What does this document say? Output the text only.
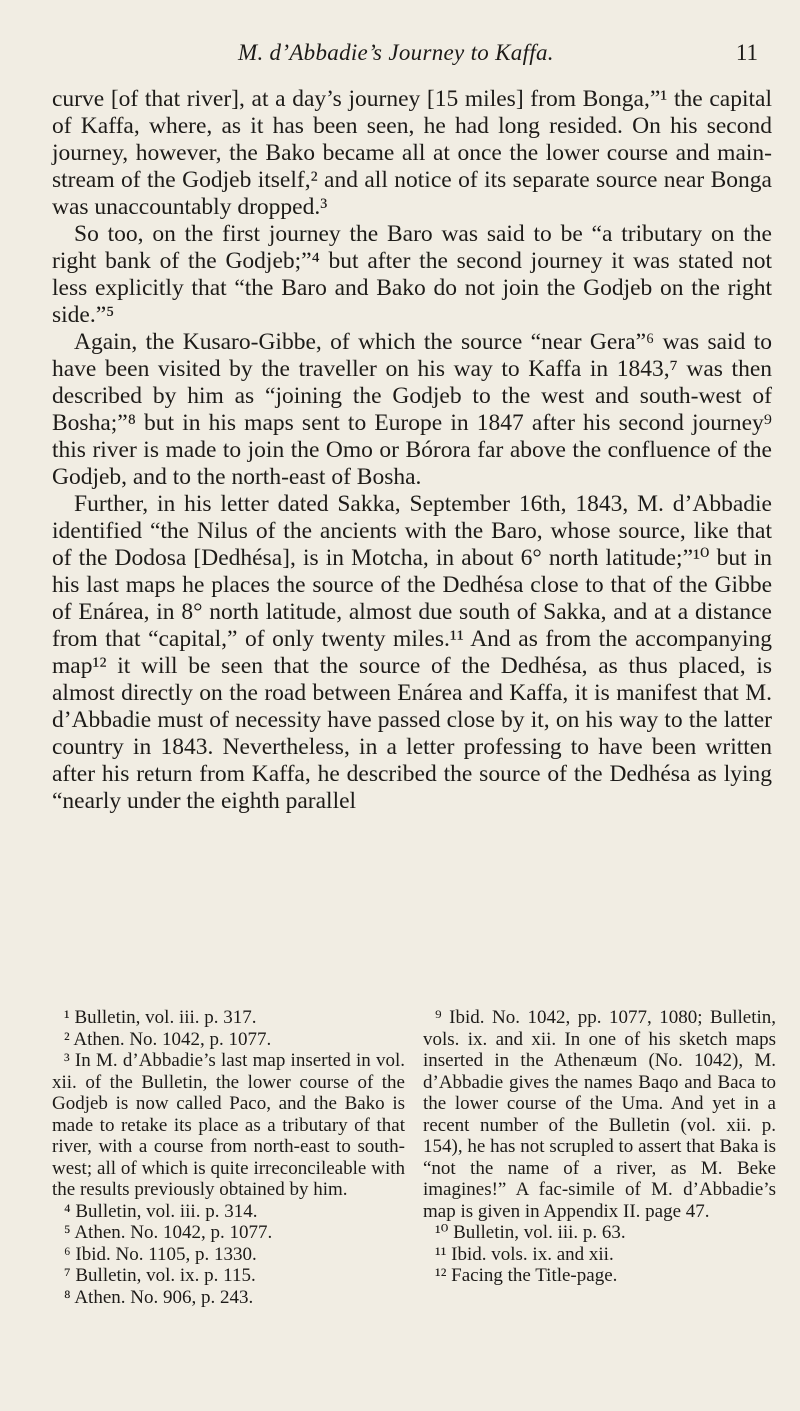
M. d’Abbadie’s Journey to Kaffa.	11

curve [of that river], at a day’s journey [15 miles] from Bonga,”¹ the capital of Kaffa, where, as it has been seen, he had long resided. On his second journey, however, the Bako became all at once the lower course and main-stream of the Godjeb itself,² and all notice of its separate source near Bonga was unaccountably dropped.³

So too, on the first journey the Baro was said to be “a tributary on the right bank of the Godjeb;”⁴ but after the second journey it was stated not less explicitly that “the Baro and Bako do not join the Godjeb on the right side.”⁵

Again, the Kusaro-Gibbe, of which the source “near Gera”⁶ was said to have been visited by the traveller on his way to Kaffa in 1843,⁷ was then described by him as “joining the Godjeb to the west and south-west of Bosha;”⁸ but in his maps sent to Europe in 1847 after his second journey⁹ this river is made to join the Omo or Bórora far above the confluence of the Godjeb, and to the north-east of Bosha.

Further, in his letter dated Sakka, September 16th, 1843, M. d’Abbadie identified “the Nilus of the ancients with the Baro, whose source, like that of the Dodosa [Dedhésa], is in Motcha, in about 6° north latitude;”¹⁰ but in his last maps he places the source of the Dedhésa close to that of the Gibbe of Enárea, in 8° north latitude, almost due south of Sakka, and at a distance from that “capital,” of only twenty miles.¹¹ And as from the accompanying map¹² it will be seen that the source of the Dedhésa, as thus placed, is almost directly on the road between Enárea and Kaffa, it is manifest that M. d’Abbadie must of necessity have passed close by it, on his way to the latter country in 1843. Nevertheless, in a letter professing to have been written after his return from Kaffa, he described the source of the Dedhésa as lying “nearly under the eighth parallel

¹ Bulletin, vol. iii. p. 317.

² Athen. No. 1042, p. 1077.

³ In M. d’Abbadie’s last map inserted in vol. xii. of the Bulletin, the lower course of the Godjeb is now called Paco, and the Bako is made to retake its place as a tributary of that river, with a course from north-east to south-west; all of which is quite irreconcileable with the results previously obtained by him.

⁴ Bulletin, vol. iii. p. 314.

⁵ Athen. No. 1042, p. 1077.

⁶ Ibid. No. 1105, p. 1330.

⁷ Bulletin, vol. ix. p. 115.

⁸ Athen. No. 906, p. 243.

⁹ Ibid. No. 1042, pp. 1077, 1080; Bulletin, vols. ix. and xii. In one of his sketch maps inserted in the Athenæum (No. 1042), M. d’Abbadie gives the names Baqo and Baca to the lower course of the Uma. And yet in a recent number of the Bulletin (vol. xii. p. 154), he has not scrupled to assert that Baka is “not the name of a river, as M. Beke imagines!” A fac-simile of M. d’Abbadie’s map is given in Appendix II. page 47.

¹⁰ Bulletin, vol. iii. p. 63.

¹¹ Ibid. vols. ix. and xii.

¹² Facing the Title-page.
